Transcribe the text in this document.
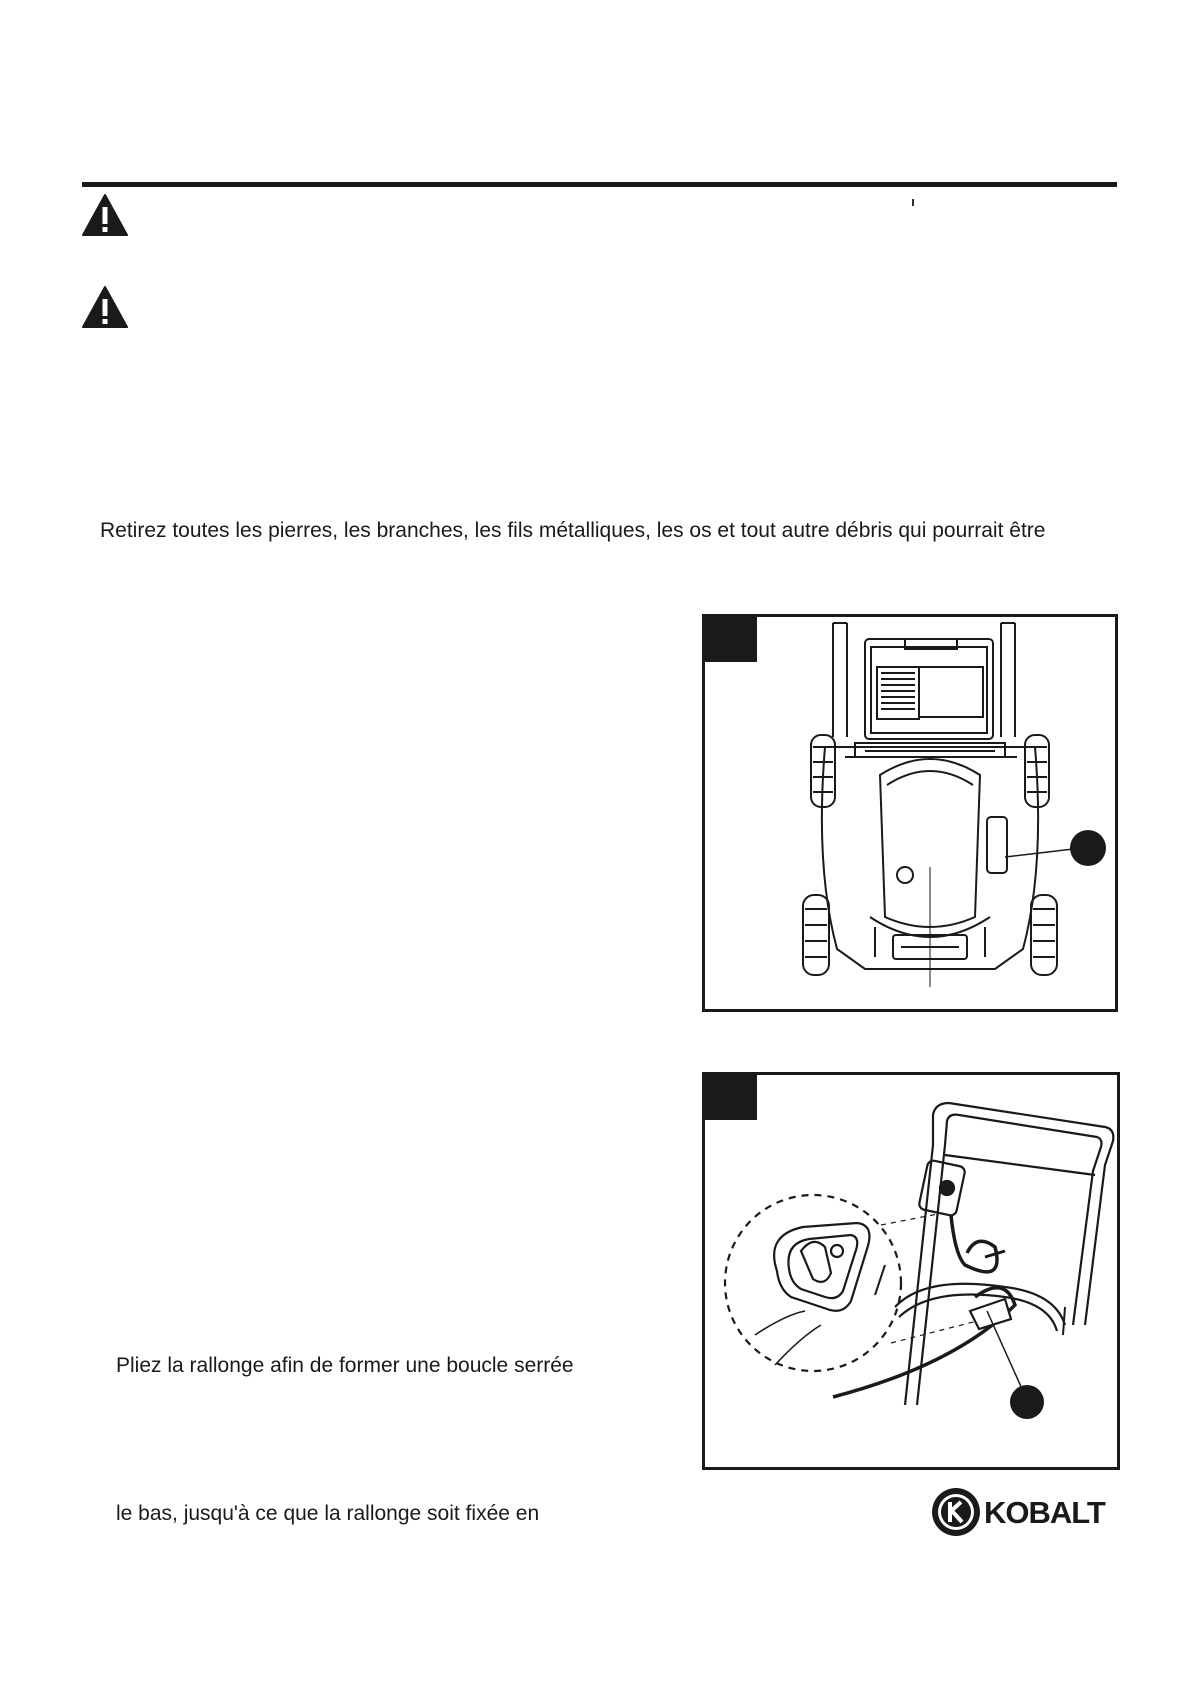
Retirez toutes les pierres, les branches, les fils métalliques, les os et tout autre débris qui pourrait être
Pliez la rallonge afin de former une boucle serrée
le bas, jusqu'à ce que la rallonge soit fixée en	KOBALT
